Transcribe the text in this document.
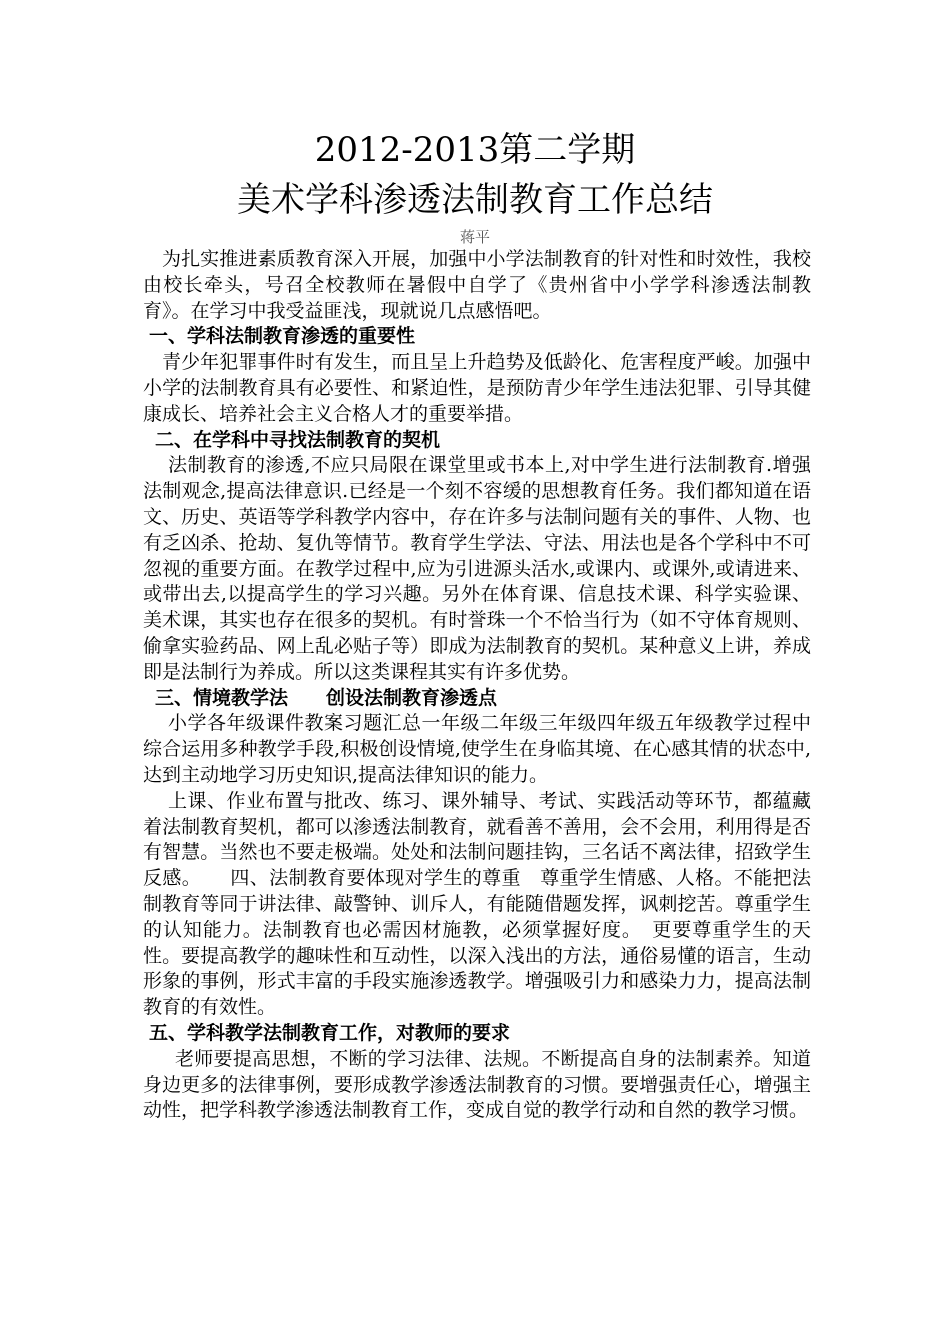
2012-2013第二学期
美术学科渗透法制教育工作总结
蒋平

为扎实推进素质教育深入开展，加强中小学法制教育的针对性和时效性，我校由校长牵头，号召全校教师在暑假中自学了《贵州省中小学学科渗透法制教育》。在学习中我受益匪浅，现就说几点感悟吧。

一、学科法制教育渗透的重要性

青少年犯罪事件时有发生，而且呈上升趋势及低龄化、危害程度严峻。加强中小学的法制教育具有必要性、和紧迫性，是预防青少年学生违法犯罪、引导其健康成长、培养社会主义合格人才的重要举措。

二、在学科中寻找法制教育的契机

法制教育的渗透,不应只局限在课堂里或书本上,对中学生进行法制教育.增强法制观念,提高法律意识.已经是一个刻不容缓的思想教育任务。我们都知道在语文、历史、英语等学科教学内容中，存在许多与法制问题有关的事件、人物、也有乏凶杀、抢劫、复仇等情节。教育学生学法、守法、用法也是各个学科中不可忽视的重要方面。在教学过程中,应为引进源头活水,或课内、或课外,或请进来、或带出去,以提高学生的学习兴趣。另外在体育课、信息技术课、科学实验课、美术课，其实也存在很多的契机。有时誉珠一个不恰当行为（如不守体育规则、偷拿实验药品、网上乱必贴子等）即成为法制教育的契机。某种意义上讲，养成即是法制行为养成。所以这类课程其实有许多优势。

三、情境教学法　　创设法制教育渗透点

小学各年级课件教案习题汇总一年级二年级三年级四年级五年级教学过程中综合运用多种教学手段,积极创设情境,使学生在身临其境、在心感其情的状态中,达到主动地学习历史知识,提高法律知识的能力。

上课、作业布置与批改、练习、课外辅导、考试、实践活动等环节，都蕴藏着法制教育契机，都可以渗透法制教育，就看善不善用，会不会用，利用得是否有智慧。当然也不要走极端。处处和法制问题挂钩，三名话不离法律，招致学生反感。　　四、法制教育要体现对学生的尊重　尊重学生情感、人格。不能把法制教育等同于讲法律、敲警钟、训斥人，有能随借题发挥，讽刺挖苦。尊重学生的认知能力。法制教育也必需因材施教，必须掌握好度。　更要尊重学生的天性。要提高教学的趣味性和互动性，以深入浅出的方法，通俗易懂的语言，生动形象的事例，形式丰富的手段实施渗透教学。增强吸引力和感染力力，提高法制教育的有效性。

五、学科教学法制教育工作，对教师的要求

老师要提高思想，不断的学习法律、法规。不断提高自身的法制素养。知道身边更多的法律事例，要形成教学渗透法制教育的习惯。要增强责任心，增强主动性，把学科教学渗透法制教育工作，变成自觉的教学行动和自然的教学习惯。
